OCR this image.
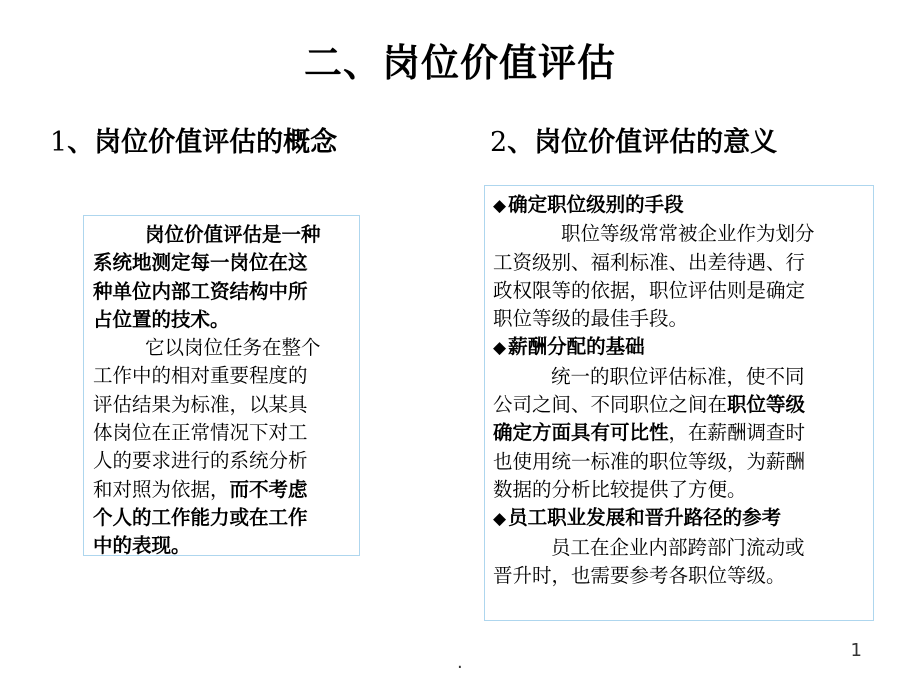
二、岗位价值评估
1、岗位价值评估的概念	2、岗位价值评估的意义
岗位价值评估是一种
系统地测定每一岗位在这
种单位内部工资结构中所
占位置的技术。
它以岗位任务在整个
工作中的相对重要程度的
评估结果为标准，以某具
体岗位在正常情况下对工
人的要求进行的系统分析
和对照为依据，而不考虑
个人的工作能力或在工作
中的表现。
◆ 确定职位级别的手段
职位等级常常被企业作为划分
工资级别、福利标准、出差待遇、行
政权限等的依据，职位评估则是确定
职位等级的最佳手段。
◆ 薪酬分配的基础
统一的职位评估标准，使不同
公司之间、不同职位之间在职位等级
确定方面具有可比性，在薪酬调查时
也使用统一标准的职位等级，为薪酬
数据的分析比较提供了方便。
◆ 员工职业发展和晋升路径的参考
员工在企业内部跨部门流动或
晋升时，也需要参考各职位等级。
.
1
